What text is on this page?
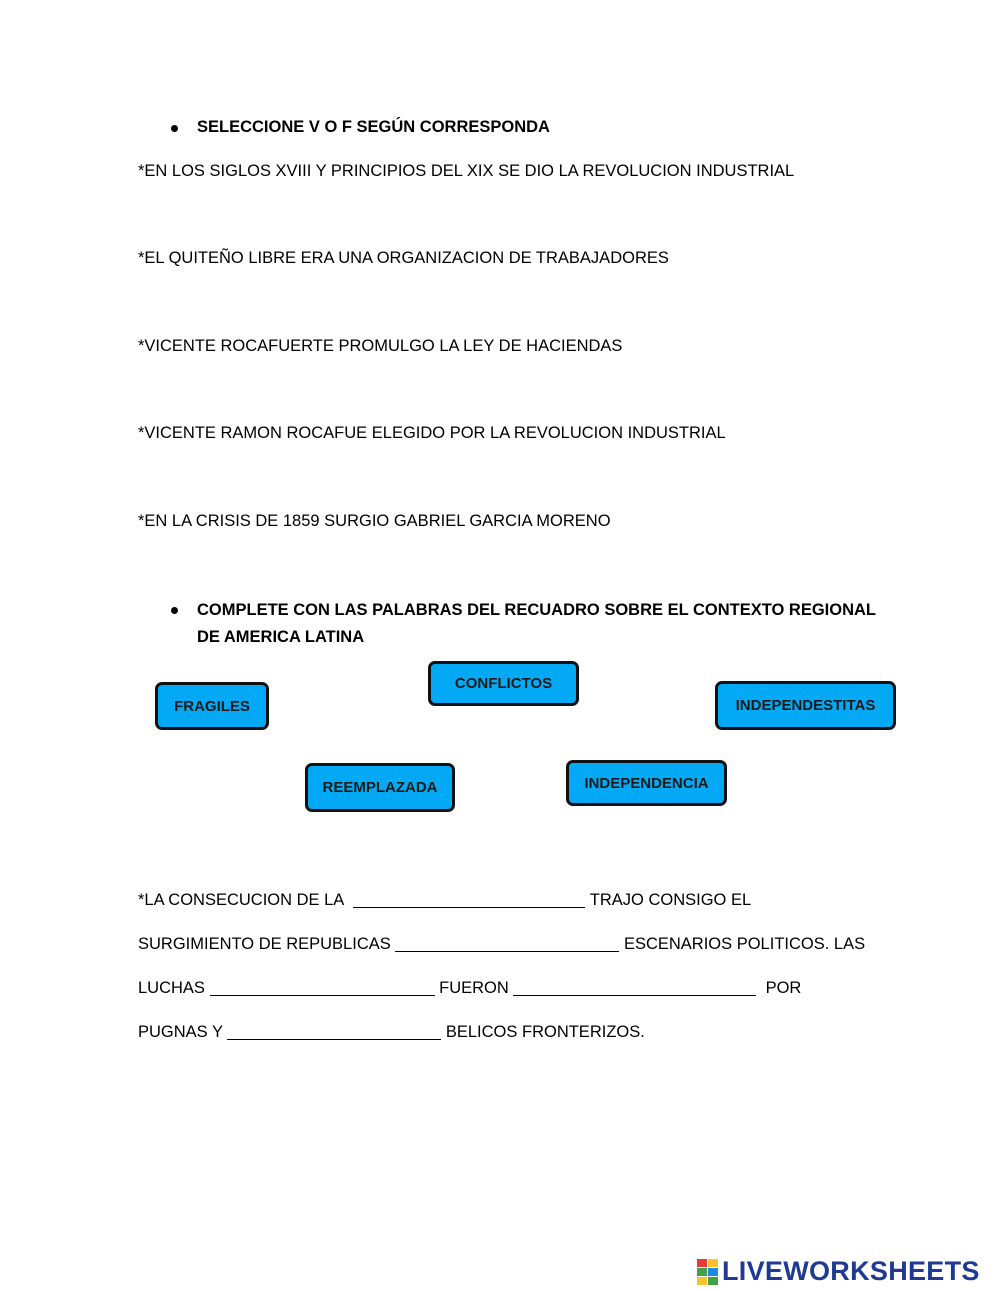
SELECCIONE V O F SEGÚN CORRESPONDA
*EN LOS SIGLOS XVIII Y PRINCIPIOS DEL XIX SE DIO LA REVOLUCION INDUSTRIAL
*EL QUITEÑO LIBRE ERA UNA ORGANIZACION DE TRABAJADORES
*VICENTE ROCAFUERTE PROMULGO LA LEY DE HACIENDAS
*VICENTE RAMON ROCAFUE ELEGIDO POR LA REVOLUCION INDUSTRIAL
*EN LA CRISIS DE 1859 SURGIO GABRIEL GARCIA MORENO
COMPLETE CON LAS PALABRAS DEL RECUADRO SOBRE EL CONTEXTO REGIONAL
DE AMERICA LATINA
FRAGILES
CONFLICTOS
INDEPENDESTITAS
REEMPLAZADA	INDEPENDENCIA
*LA CONSECUCION DE LA	TRAJO CONSIGO EL
SURGIMIENTO DE REPUBLICAS	ESCENARIOS POLITICOS. LAS
LUCHAS	FUERON	POR
PUGNAS Y	BELICOS FRONTERIZOS.
LIVEWORKSHEETS
